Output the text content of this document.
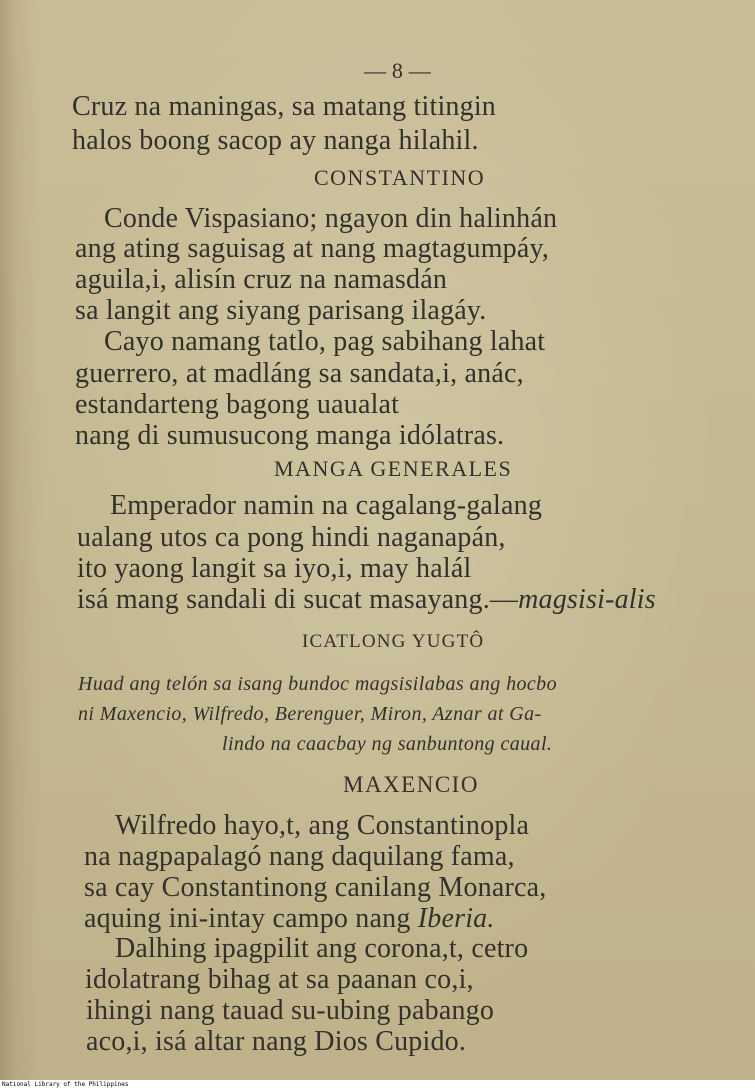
— 8 —
Cruz na maningas, sa matang titingin
halos boong sacop ay nanga hilahil.
CONSTANTINO
Conde Vispasiano; ngayon din halinhán
ang ating saguisag at nang magtagumpáy,
aguila,i, alisín cruz na namasdán
sa langit ang siyang parisang ilagáy.
Cayo namang tatlo, pag sabihang lahat
guerrero, at madláng sa sandata,i, anác,
estandarteng bagong uaualat
nang di sumusucong manga idólatras.
MANGA GENERALES
Emperador namin na cagalang-galang
ualang utos ca pong hindi naganapán,
ito yaong langit sa iyo,i, may halál
isá mang sandali di sucat masayang.—magsisi-alis
ICATLONG YUGTÔ
Huad ang telón sa isang bundoc magsisilabas ang hocbo
ni Maxencio, Wilfredo, Berenguer, Miron, Aznar at Ga-
lindo na caacbay ng sanbuntong caual.
MAXENCIO
Wilfredo hayo,t, ang Constantinopla
na nagpapalagó nang daquilang fama,
sa cay Constantinong canilang Monarca,
aquing ini-intay campo nang Iberia.
Dalhing ipagpilit ang corona,t, cetro
idolatrang bihag at sa paanan co,i,
ihingi nang tauad su-ubing pabango
aco,i, isá altar nang Dios Cupido.
National Library of the Philippines
